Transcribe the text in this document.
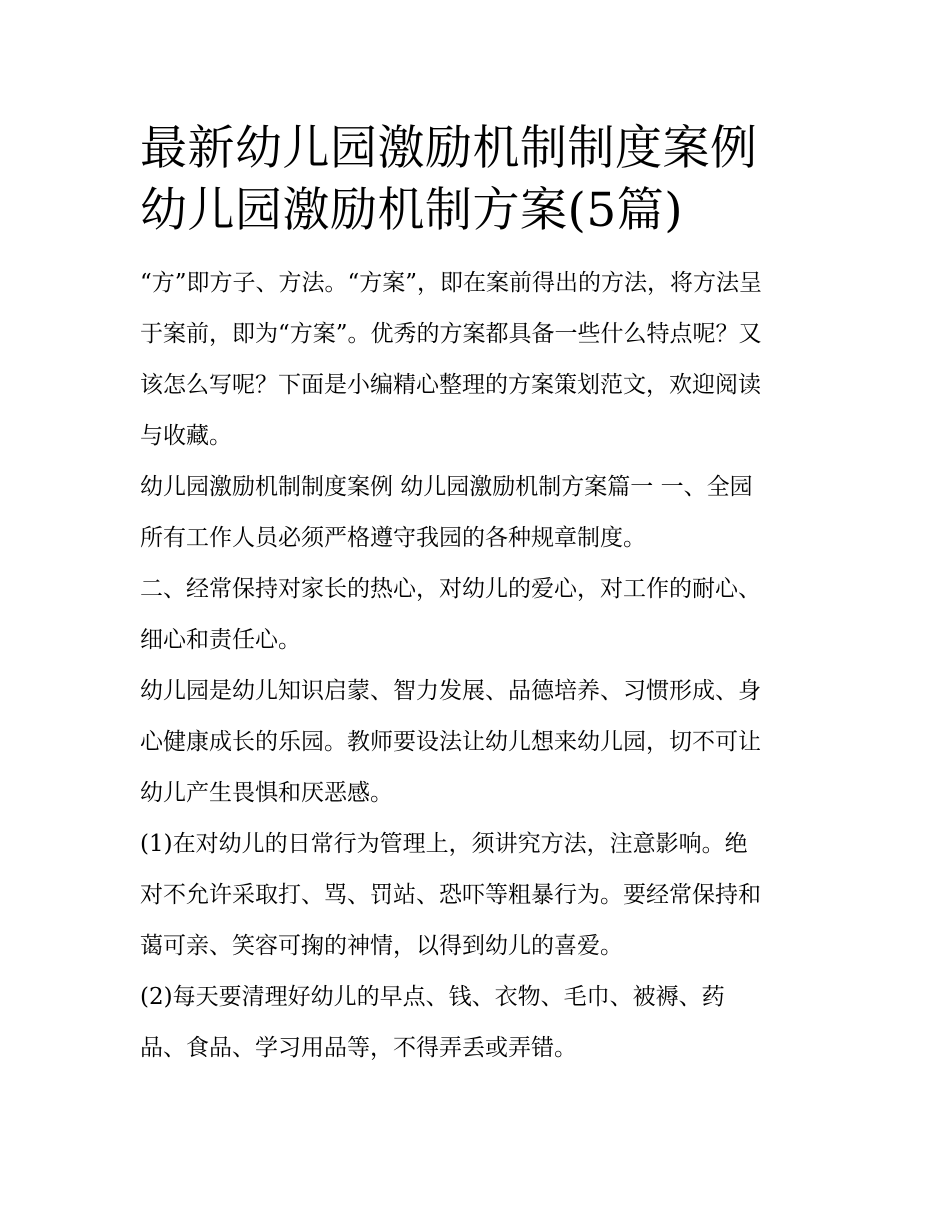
最新幼儿园激励机制制度案例
幼儿园激励机制方案(5篇)

“方”即方子、方法。“方案”，即在案前得出的方法，将方法呈
于案前，即为“方案”。优秀的方案都具备一些什么特点呢？又
该怎么写呢？下面是小编精心整理的方案策划范文，欢迎阅读
与收藏。

幼儿园激励机制制度案例 幼儿园激励机制方案篇一 一、全园
所有工作人员必须严格遵守我园的各种规章制度。

二、经常保持对家长的热心，对幼儿的爱心，对工作的耐心、
细心和责任心。

幼儿园是幼儿知识启蒙、智力发展、品德培养、习惯形成、身
心健康成长的乐园。教师要设法让幼儿想来幼儿园，切不可让
幼儿产生畏惧和厌恶感。

(1)在对幼儿的日常行为管理上，须讲究方法，注意影响。绝
对不允许采取打、骂、罚站、恐吓等粗暴行为。要经常保持和
蔼可亲、笑容可掬的神情，以得到幼儿的喜爱。

(2)每天要清理好幼儿的早点、钱、衣物、毛巾、被褥、药
品、食品、学习用品等，不得弄丢或弄错。
